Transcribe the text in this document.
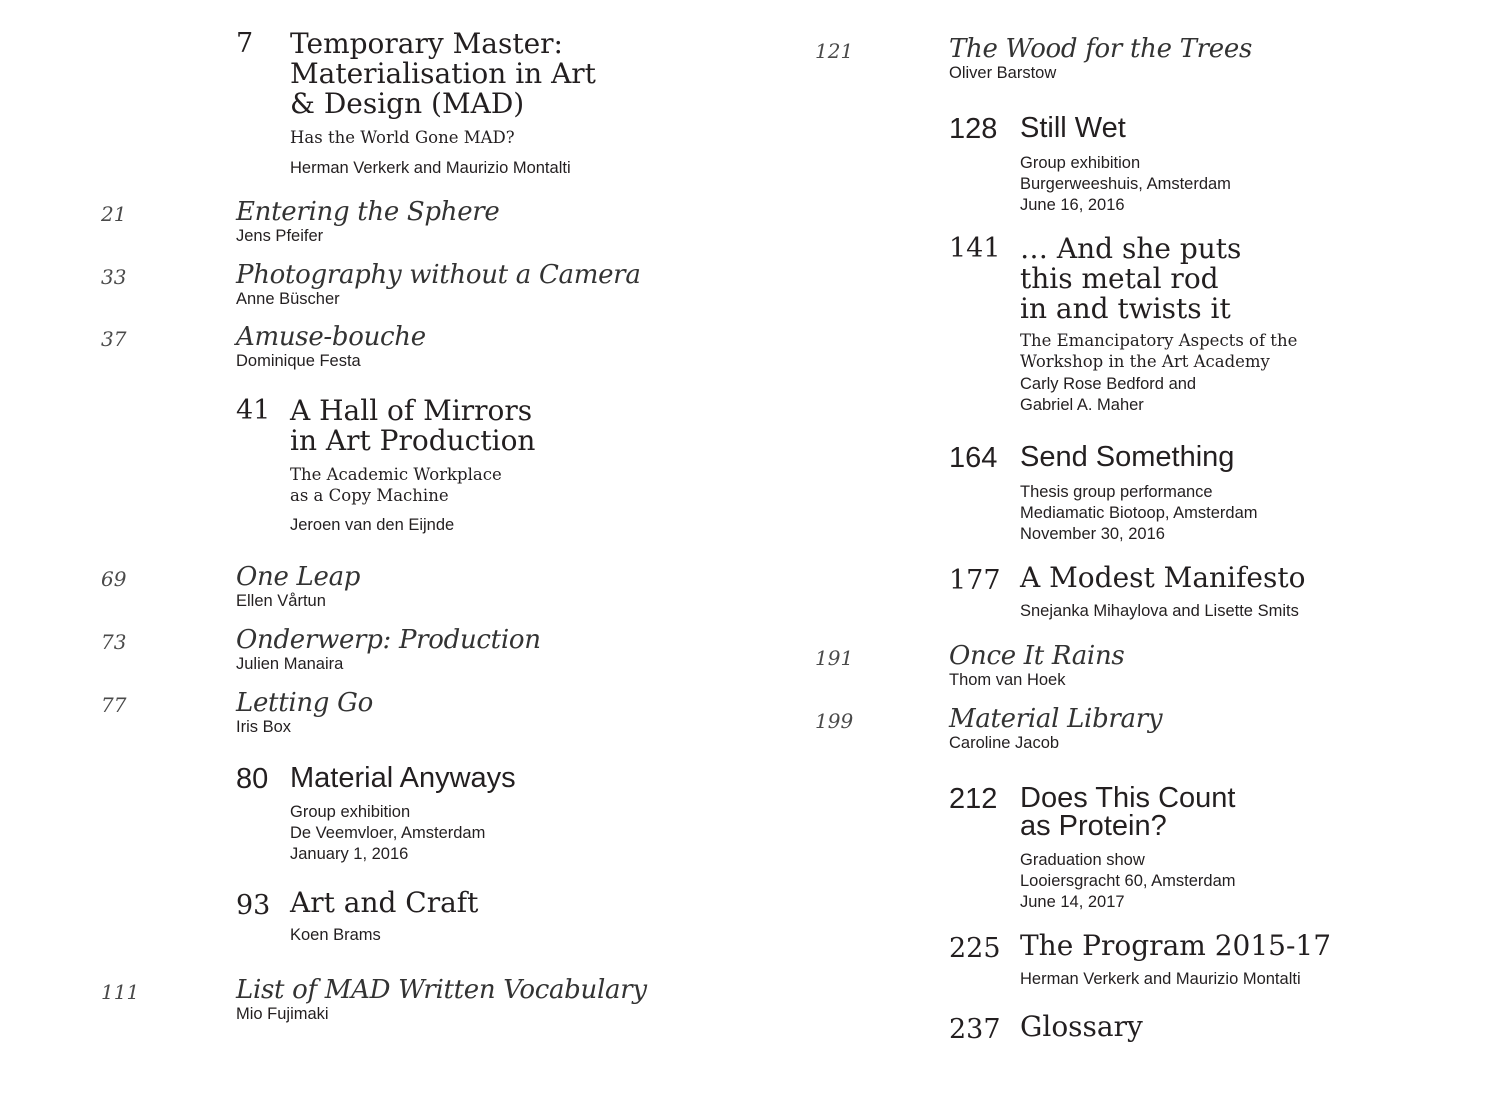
7 Temporary Master:
Materialisation in Art
& Design (MAD)
Has the World Gone MAD?
Herman Verkerk and Maurizio Montalti
21	Entering the Sphere
Jens Pfeifer
33	Photography without a Camera
Anne Büscher
37	Amuse-bouche
Dominique Festa
41 A Hall of Mirrors
in Art Production
The Academic Workplace
as a Copy Machine
Jeroen van den Eijnde
69	One Leap
Ellen Vårtun
73	Onderwerp: Production
Julien Manaira
77	Letting Go
Iris Box
80 Material Anyways
Group exhibition
De Veemvloer, Amsterdam
January 1, 2016
93 Art and Craft
Koen Brams
111	List of MAD Written Vocabulary
Mio Fujimaki
121	The Wood for the Trees
Oliver Barstow
128 Still Wet
Group exhibition
Burgerweeshuis, Amsterdam
June 16, 2016
141 … And she puts
this metal rod
in and twists it
The Emancipatory Aspects of the
Workshop in the Art Academy
Carly Rose Bedford and
Gabriel A. Maher
164 Send Something
Thesis group performance
Mediamatic Biotoop, Amsterdam
November 30, 2016
177 A Modest Manifesto
Snejanka Mihaylova and Lisette Smits
191	Once It Rains
Thom van Hoek
199	Material Library
Caroline Jacob
212 Does This Count
as Protein?
Graduation show
Looiersgracht 60, Amsterdam
June 14, 2017
225 The Program 2015-17
Herman Verkerk and Maurizio Montalti
237 Glossary
